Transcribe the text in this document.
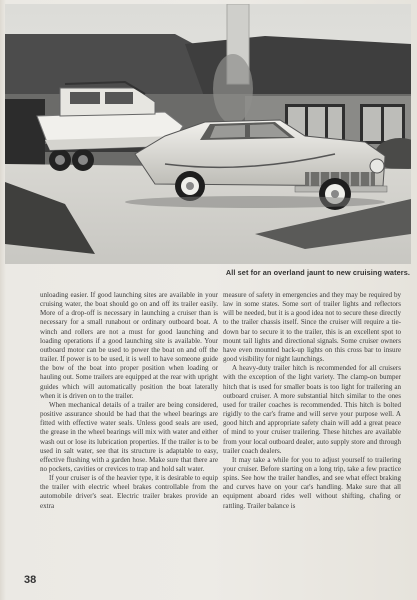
All set for an overland jaunt to new cruising waters.

unloading easier. If good launching sites are available in your cruising water, the boat should go on and off its trailer easily. More of a drop-off is necessary in launching a cruiser than is necessary for a small runabout or ordinary outboard boat. A winch and rollers are not a must for good launching and loading operations if a good launching site is available. Your outboard motor can be used to power the boat on and off the trailer. If power is to be used, it is well to have someone guide the bow of the boat into proper position when loading or hauling out. Some trailers are equipped at the rear with upright guides which will automatically position the boat laterally when it is driven on to the trailer.

When mechanical details of a trailer are being considered, positive assurance should be had that the wheel bearings are fitted with effective water seals. Unless good seals are used, the grease in the wheel bearings will mix with water and either wash out or lose its lubrication properties. If the trailer is to be used in salt water, see that its structure is adaptable to easy, effective flushing with a garden hose. Make sure that there are no pockets, cavities or crevices to trap and hold salt water.

If your cruiser is of the heavier type, it is desirable to equip the trailer with electric wheel brakes controllable from the automobile driver's seat. Electric trailer brakes provide an extra

measure of safety in emergencies and they may be required by law in some states. Some sort of trailer lights and reflectors will be needed, but it is a good idea not to secure these directly to the trailer chassis itself. Since the cruiser will require a tie-down bar to secure it to the trailer, this is an excellent spot to mount tail lights and directional signals. Some cruiser owners have even mounted back-up lights on this cross bar to insure good visibility for night launchings.

A heavy-duty trailer hitch is recommended for all cruisers with the exception of the light variety. The clamp-on bumper hitch that is used for smaller boats is too light for trailering an outboard cruiser. A more substantial hitch similar to the ones used for trailer coaches is recommended. This hitch is bolted rigidly to the car's frame and will serve your purpose well. A good hitch and appropriate safety chain will add a great peace of mind to your cruiser trailering. These hitches are available from your local outboard dealer, auto supply store and through trailer coach dealers.

It may take a while for you to adjust yourself to trailering your cruiser. Before starting on a long trip, take a few practice spins. See how the trailer handles, and see what effect braking and curves have on your car's handling. Make sure that all equipment aboard rides well without shifting, chafing or rattling. Trailer balance is

38
